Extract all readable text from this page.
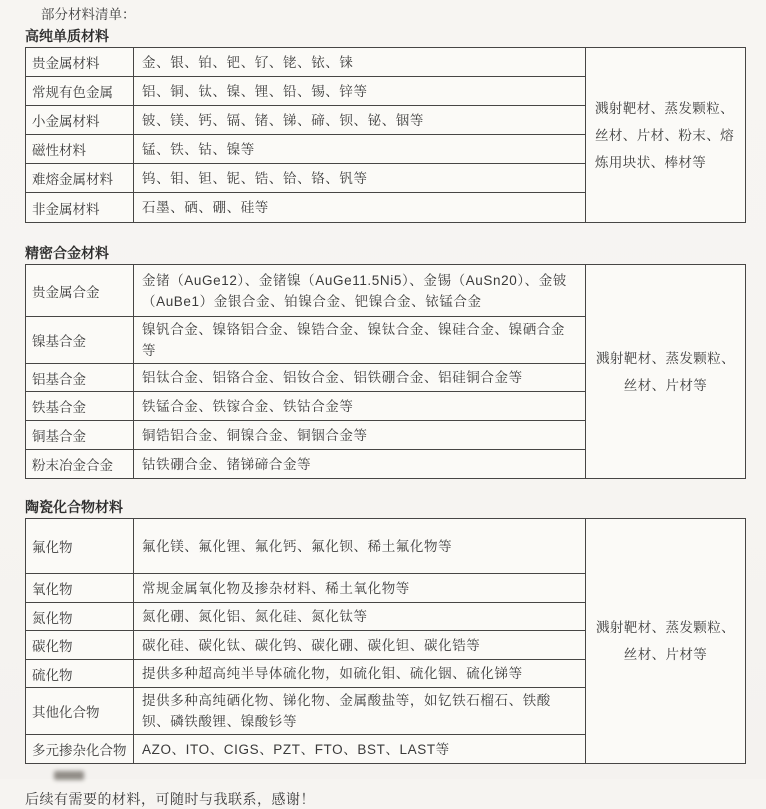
部分材料清单：
高纯单质材料
贵金属材料	金、银、铂、钯、钌、铑、铱、铼	溅射靶材、蒸发颗粒、丝材、片材、粉末、熔炼用块状、棒材等
常规有色金属	铝、铜、钛、镍、锂、铅、锡、锌等	
小金属材料	铍、镁、钙、镉、锗、锑、碲、钡、铋、铟等	
磁性材料	锰、铁、钴、镍等	
难熔金属材料	钨、钼、钽、铌、锆、铪、铬、钒等	
非金属材料	石墨、硒、硼、硅等	
精密合金材料
贵金属合金	金锗（AuGe12）、金锗镍（AuGe11.5Ni5）、金锡（AuSn20）、金铍（AuBe1）金银合金、铂镍合金、钯镍合金、铱锰合金	溅射靶材、蒸发颗粒、丝材、片材等
镍基合金	镍钒合金、镍铬铝合金、镍锆合金、镍钛合金、镍硅合金、镍硒合金等	
铝基合金	铝钛合金、铝铬合金、铝钕合金、铝铁硼合金、铝硅铜合金等	
铁基合金	铁锰合金、铁镓合金、铁钴合金等	
铜基合金	铜锆铝合金、铜镍合金、铜铟合金等	
粉末冶金合金	钴铁硼合金、锗锑碲合金等	
陶瓷化合物材料
氟化物	氟化镁、氟化锂、氟化钙、氟化钡、稀土氟化物等	溅射靶材、蒸发颗粒、丝材、片材等
氧化物	常规金属氧化物及掺杂材料、稀土氧化物等	
氮化物	氮化硼、氮化铝、氮化硅、氮化钛等	
碳化物	碳化硅、碳化钛、碳化钨、碳化硼、碳化钽、碳化锆等	
硫化物	提供多种超高纯半导体硫化物，如硫化钼、硫化铟、硫化锑等	
其他化合物	提供多种高纯硒化物、锑化物、金属酸盐等，如钇铁石榴石、铁酸钡、磷铁酸锂、镍酸钐等	
多元掺杂化合物	AZO、ITO、CIGS、PZT、FTO、BST、LAST等	
后续有需要的材料，可随时与我联系，感谢！
